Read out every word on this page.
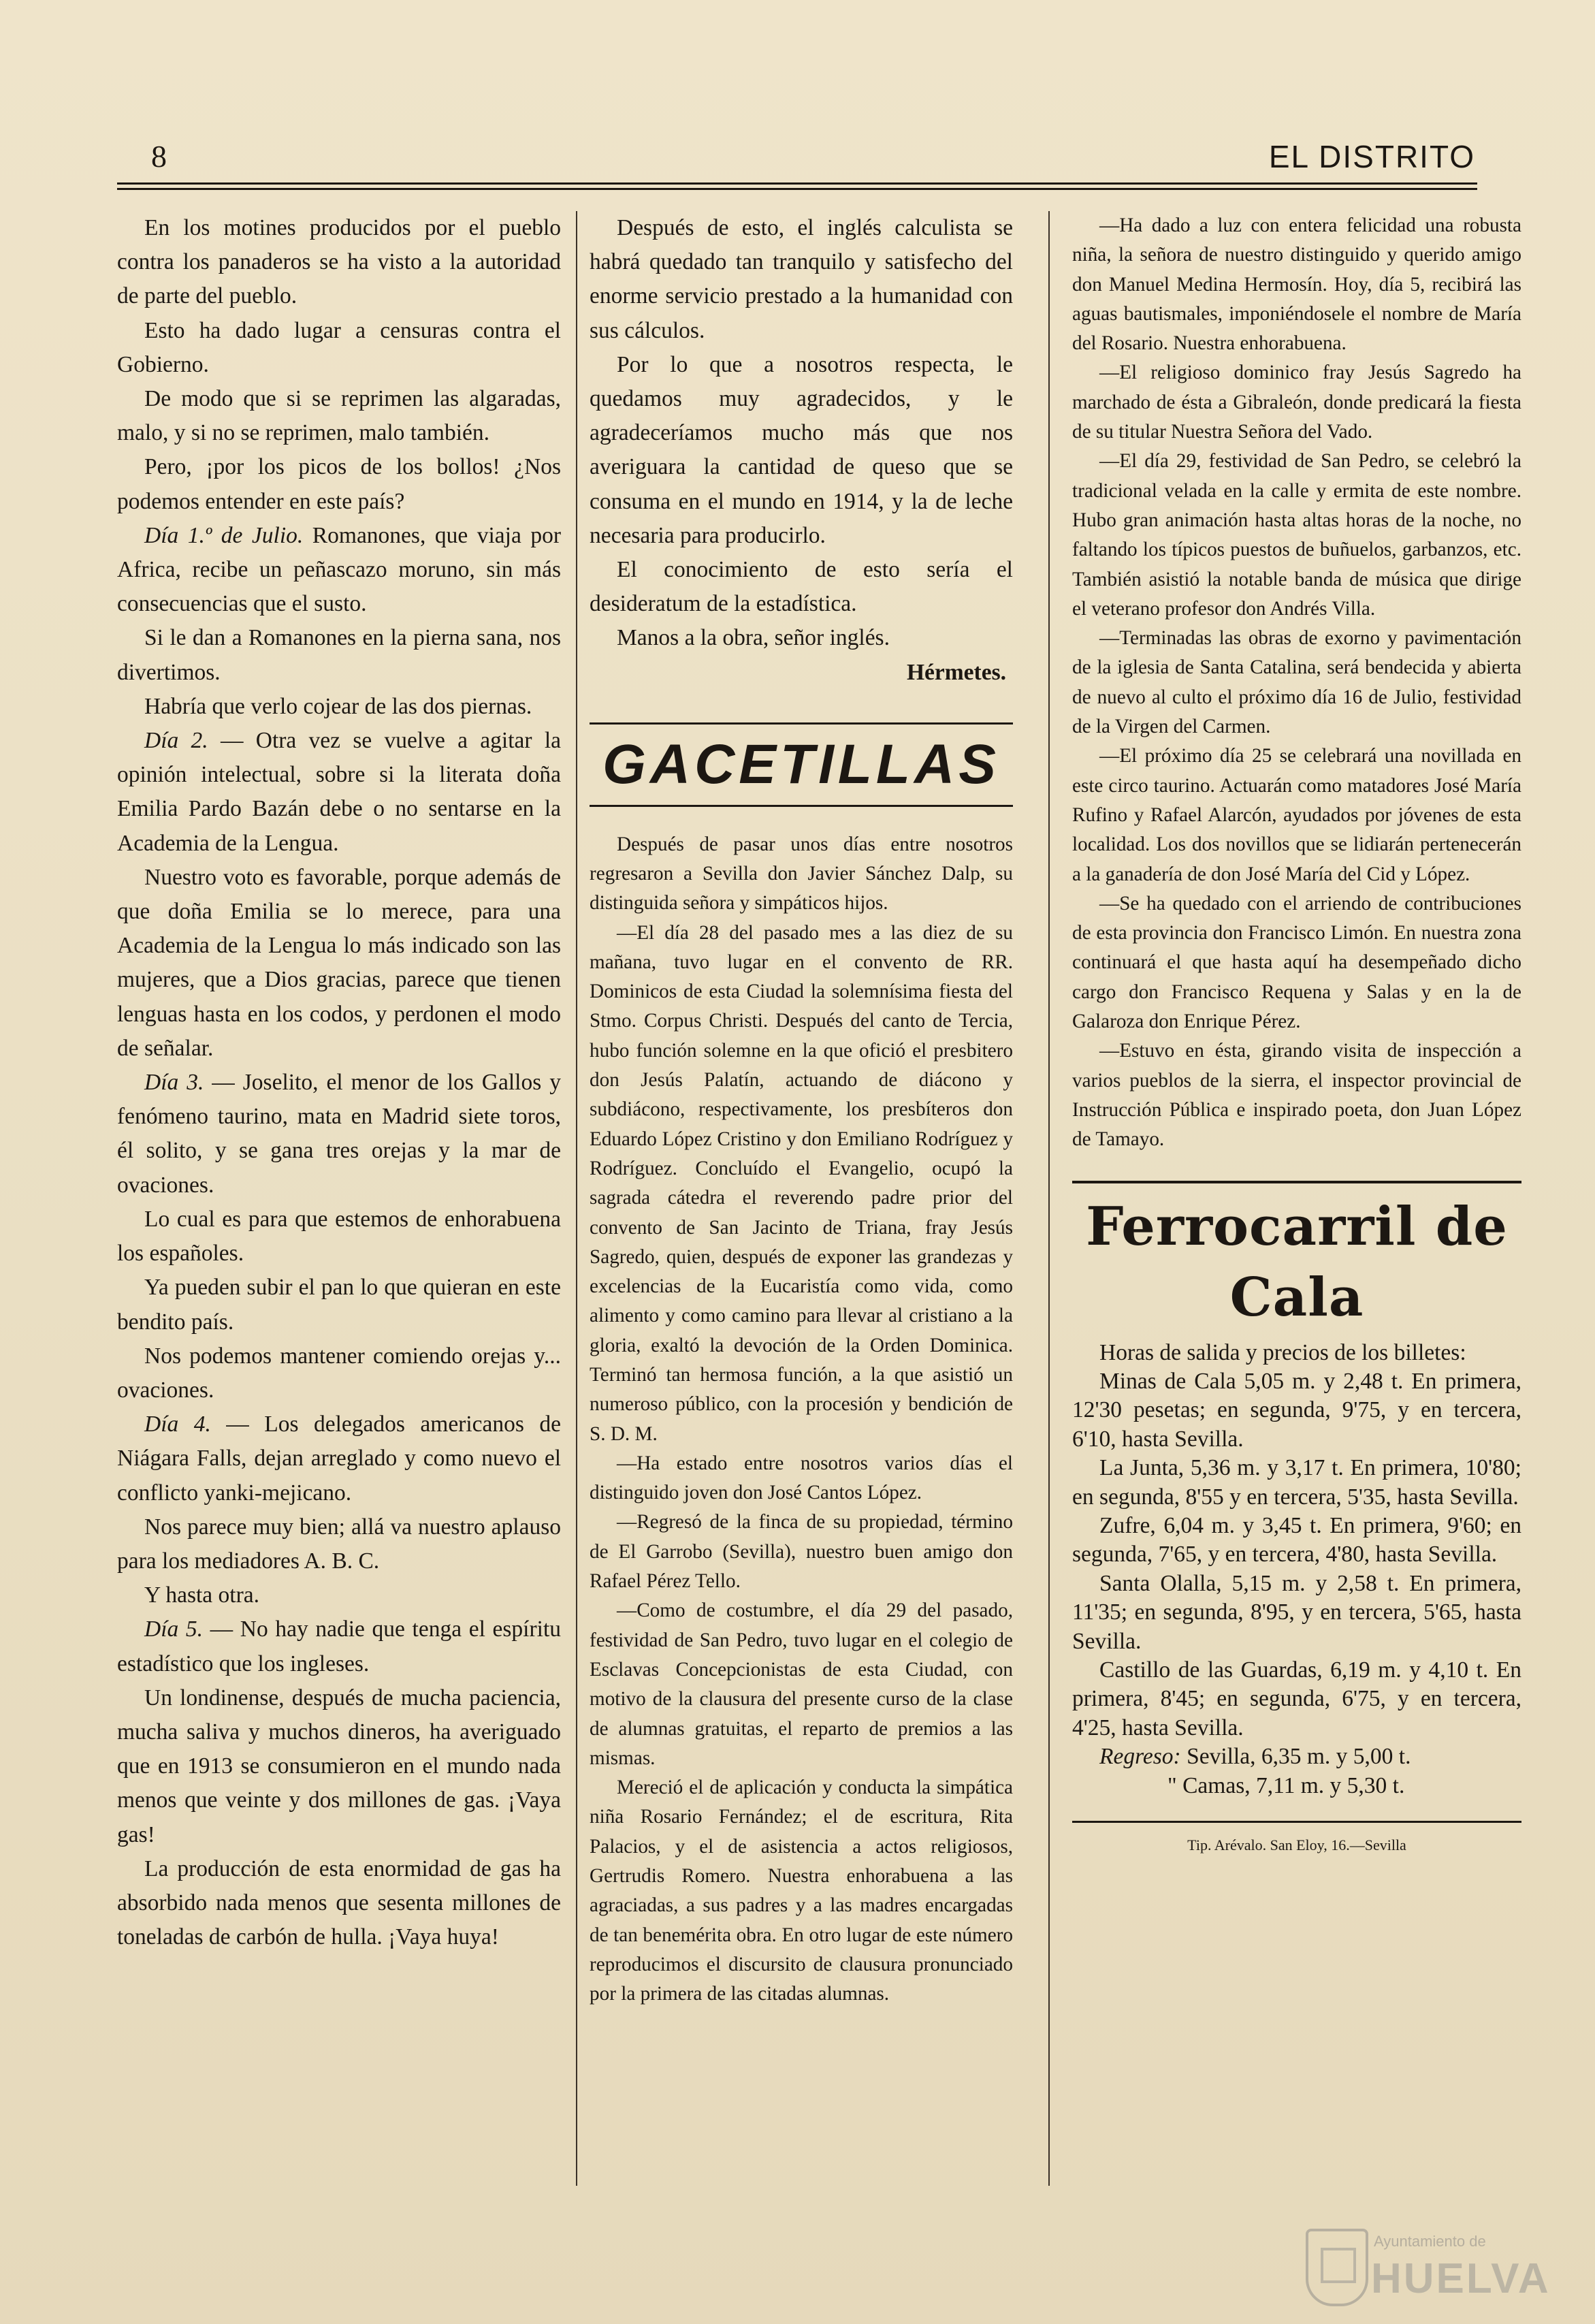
8	EL DISTRITO

En los motines producidos por el pueblo contra los panaderos se ha visto a la autoridad de parte del pueblo.

Esto ha dado lugar a censuras contra el Gobierno.

De modo que si se reprimen las algaradas, malo, y si no se reprimen, malo también.

Pero, ¡por los picos de los bollos! ¿Nos podemos entender en este país?

Día 1.º de Julio. Romanones, que viaja por Africa, recibe un peñascazo moruno, sin más consecuencias que el susto.

Si le dan a Romanones en la pierna sana, nos divertimos.

Habría que verlo cojear de las dos piernas.

Día 2. — Otra vez se vuelve a agitar la opinión intelectual, sobre si la literata doña Emilia Pardo Bazán debe o no sentarse en la Academia de la Lengua.

Nuestro voto es favorable, porque además de que doña Emilia se lo merece, para una Academia de la Lengua lo más indicado son las mujeres, que a Dios gracias, parece que tienen lenguas hasta en los codos, y perdonen el modo de señalar.

Día 3. — Joselito, el menor de los Gallos y fenómeno taurino, mata en Madrid siete toros, él solito, y se gana tres orejas y la mar de ovaciones.

Lo cual es para que estemos de enhorabuena los españoles.

Ya pueden subir el pan lo que quieran en este bendito país.

Nos podemos mantener comiendo orejas y... ovaciones.

Día 4. — Los delegados americanos de Niágara Falls, dejan arreglado y como nuevo el conflicto yanki-mejicano.

Nos parece muy bien; allá va nuestro aplauso para los mediadores A. B. C.

Y hasta otra.

Día 5. — No hay nadie que tenga el espíritu estadístico que los ingleses.

Un londinense, después de mucha paciencia, mucha saliva y muchos dineros, ha averiguado que en 1913 se consumieron en el mundo nada menos que veinte y dos millones de gas. ¡Vaya gas!

La producción de esta enormidad de gas ha absorbido nada menos que sesenta millones de toneladas de carbón de hulla. ¡Vaya huya!

Después de esto, el inglés calculista se habrá quedado tan tranquilo y satisfecho del enorme servicio prestado a la humanidad con sus cálculos.

Por lo que a nosotros respecta, le quedamos muy agradecidos, y le agradeceríamos mucho más que nos averiguara la cantidad de queso que se consuma en el mundo en 1914, y la de leche necesaria para producirlo.

El conocimiento de esto sería el desideratum de la estadística.

Manos a la obra, señor inglés.

Hérmetes.
GACETILLAS

Después de pasar unos días entre nosotros regresaron a Sevilla don Javier Sánchez Dalp, su distinguida señora y simpáticos hijos.

—El día 28 del pasado mes a las diez de su mañana, tuvo lugar en el convento de RR. Dominicos de esta Ciudad la solemnísima fiesta del Stmo. Corpus Christi. Después del canto de Tercia, hubo función solemne en la que ofició el presbitero don Jesús Palatín, actuando de diácono y subdiácono, respectivamente, los presbíteros don Eduardo López Cristino y don Emiliano Rodríguez y Rodríguez. Concluído el Evangelio, ocupó la sagrada cátedra el reverendo padre prior del convento de San Jacinto de Triana, fray Jesús Sagredo, quien, después de exponer las grandezas y excelencias de la Eucaristía como vida, como alimento y como camino para llevar al cristiano a la gloria, exaltó la devoción de la Orden Dominica. Terminó tan hermosa función, a la que asistió un numeroso público, con la procesión y bendición de S. D. M.

—Ha estado entre nosotros varios días el distinguido joven don José Cantos López.

—Regresó de la finca de su propiedad, término de El Garrobo (Sevilla), nuestro buen amigo don Rafael Pérez Tello.

—Como de costumbre, el día 29 del pasado, festividad de San Pedro, tuvo lugar en el colegio de Esclavas Concepcionistas de esta Ciudad, con motivo de la clausura del presente curso de la clase de alumnas gratuitas, el reparto de premios a las mismas.

Mereció el de aplicación y conducta la simpática niña Rosario Fernández; el de escritura, Rita Palacios, y el de asistencia a actos religiosos, Gertrudis Romero. Nuestra enhorabuena a las agraciadas, a sus padres y a las madres encargadas de tan benemérita obra. En otro lugar de este número reproducimos el discursito de clausura pronunciado por la primera de las citadas alumnas.

—Ha dado a luz con entera felicidad una robusta niña, la señora de nuestro distinguido y querido amigo don Manuel Medina Hermosín. Hoy, día 5, recibirá las aguas bautismales, imponiéndosele el nombre de María del Rosario. Nuestra enhorabuena.

—El religioso dominico fray Jesús Sagredo ha marchado de ésta a Gibraleón, donde predicará la fiesta de su titular Nuestra Señora del Vado.

—El día 29, festividad de San Pedro, se celebró la tradicional velada en la calle y ermita de este nombre. Hubo gran animación hasta altas horas de la noche, no faltando los típicos puestos de buñuelos, garbanzos, etc. También asistió la notable banda de música que dirige el veterano profesor don Andrés Villa.

—Terminadas las obras de exorno y pavimentación de la iglesia de Santa Catalina, será bendecida y abierta de nuevo al culto el próximo día 16 de Julio, festividad de la Virgen del Carmen.

—El próximo día 25 se celebrará una novillada en este circo taurino. Actuarán como matadores José María Rufino y Rafael Alarcón, ayudados por jóvenes de esta localidad. Los dos novillos que se lidiarán pertenecerán a la ganadería de don José María del Cid y López.

—Se ha quedado con el arriendo de contribuciones de esta provincia don Francisco Limón. En nuestra zona continuará el que hasta aquí ha desempeñado dicho cargo don Francisco Requena y Salas y en la de Galaroza don Enrique Pérez.

—Estuvo en ésta, girando visita de inspección a varios pueblos de la sierra, el inspector provincial de Instrucción Pública e inspirado poeta, don Juan López de Tamayo.

Ferrocarril de Cala

Horas de salida y precios de los billetes:

Minas de Cala 5,05 m. y 2,48 t. En primera, 12'30 pesetas; en segunda, 9'75, y en tercera, 6'10, hasta Sevilla.

La Junta, 5,36 m. y 3,17 t. En primera, 10'80; en segunda, 8'55 y en tercera, 5'35, hasta Sevilla.

Zufre, 6,04 m. y 3,45 t. En primera, 9'60; en segunda, 7'65, y en tercera, 4'80, hasta Sevilla.

Santa Olalla, 5,15 m. y 2,58 t. En primera, 11'35; en segunda, 8'95, y en tercera, 5'65, hasta Sevilla.

Castillo de las Guardas, 6,19 m. y 4,10 t. En primera, 8'45; en segunda, 6'75, y en tercera, 4'25, hasta Sevilla.

Regreso: Sevilla, 6,35 m. y 5,00 t.

" Camas, 7,11 m. y 5,30 t.

Tip. Arévalo. San Eloy, 16.—Sevilla
Ayuntamiento de
HUELVA
